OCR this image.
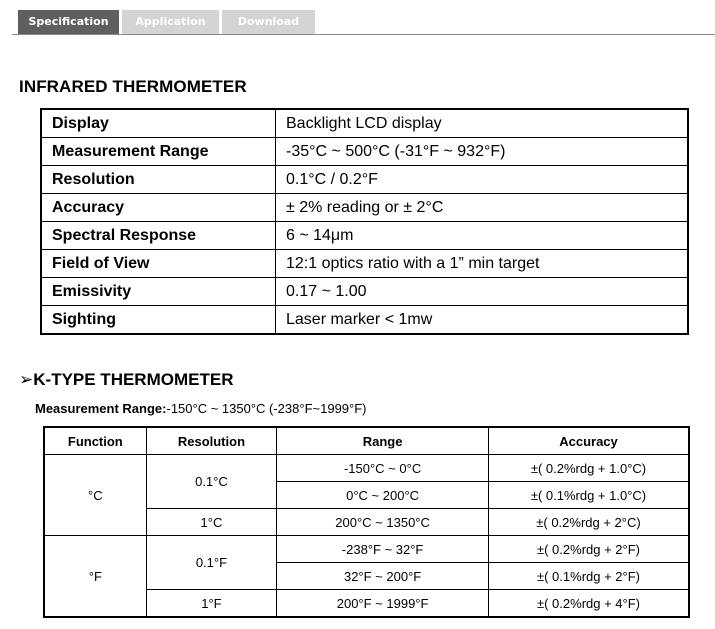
Specification	Application	Download
INFRARED THERMOMETER
Display	Backlight LCD display
Measurement Range	-35°C ~ 500°C (-31°F ~ 932°F)
Resolution	0.1°C / 0.2°F
Accuracy	± 2% reading or ± 2°C
Spectral Response	6 ~ 14μm
Field of View	12:1 optics ratio with a 1” min target
Emissivity	0.17 ~ 1.00
Sighting	Laser marker < 1mw
➢K-TYPE THERMOMETER
Measurement Range:-150°C ~ 1350°C (-238°F~1999°F)
Function	Resolution	Range	Accuracy
°C	0.1°C	-150°C ~ 0°C	±( 0.2%rdg + 1.0°C)
		0°C ~ 200°C	±( 0.1%rdg + 1.0°C)
	1°C	200°C ~ 1350°C	±( 0.2%rdg + 2°C)
°F	0.1°F	-238°F ~ 32°F	±( 0.2%rdg + 2°F)
		32°F ~ 200°F	±( 0.1%rdg + 2°F)
	1°F	200°F ~ 1999°F	±( 0.2%rdg + 4°F)
